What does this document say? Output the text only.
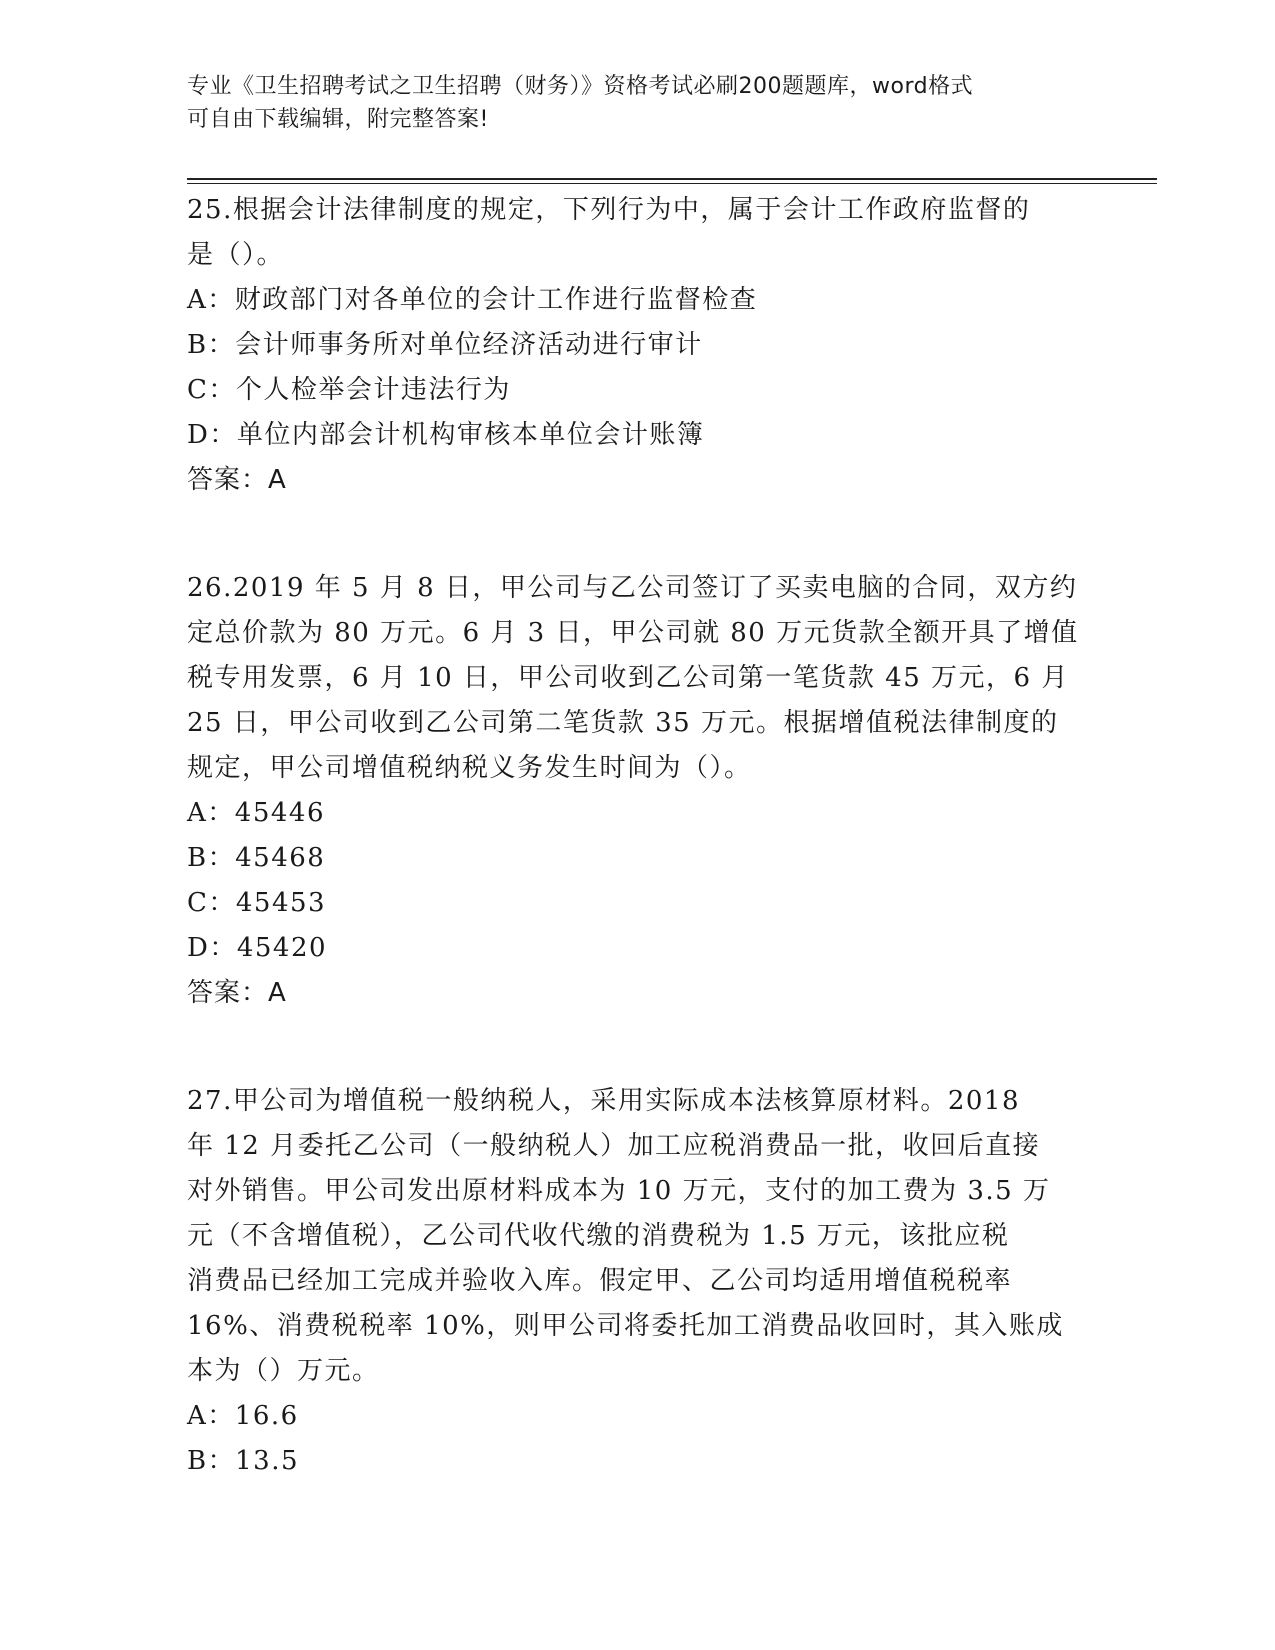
专业《卫生招聘考试之卫生招聘（财务）》资格考试必刷200题题库，word格式
可自由下载编辑，附完整答案!

25.根据会计法律制度的规定，下列行为中，属于会计工作政府监督的

是（）。

A：财政部门对各单位的会计工作进行监督检查

B：会计师事务所对单位经济活动进行审计

C：个人检举会计违法行为

D：单位内部会计机构审核本单位会计账簿

答案：A

26.2019 年 5 月 8 日，甲公司与乙公司签订了买卖电脑的合同，双方约

定总价款为 80 万元。6 月 3 日，甲公司就 80 万元货款全额开具了增值

税专用发票，6 月 10 日，甲公司收到乙公司第一笔货款 45 万元，6 月

25 日，甲公司收到乙公司第二笔货款 35 万元。根据增值税法律制度的

规定，甲公司增值税纳税义务发生时间为（）。

A：45446

B：45468

C：45453

D：45420

答案：A

27.甲公司为增值税一般纳税人，采用实际成本法核算原材料。2018

年 12 月委托乙公司（一般纳税人）加工应税消费品一批，收回后直接

对外销售。甲公司发出原材料成本为 10 万元，支付的加工费为 3.5 万

元（不含增值税），乙公司代收代缴的消费税为 1.5 万元，该批应税

消费品已经加工完成并验收入库。假定甲、乙公司均适用增值税税率

16%、消费税税率 10%，则甲公司将委托加工消费品收回时，其入账成

本为（）万元。

A：16.6

B：13.5
